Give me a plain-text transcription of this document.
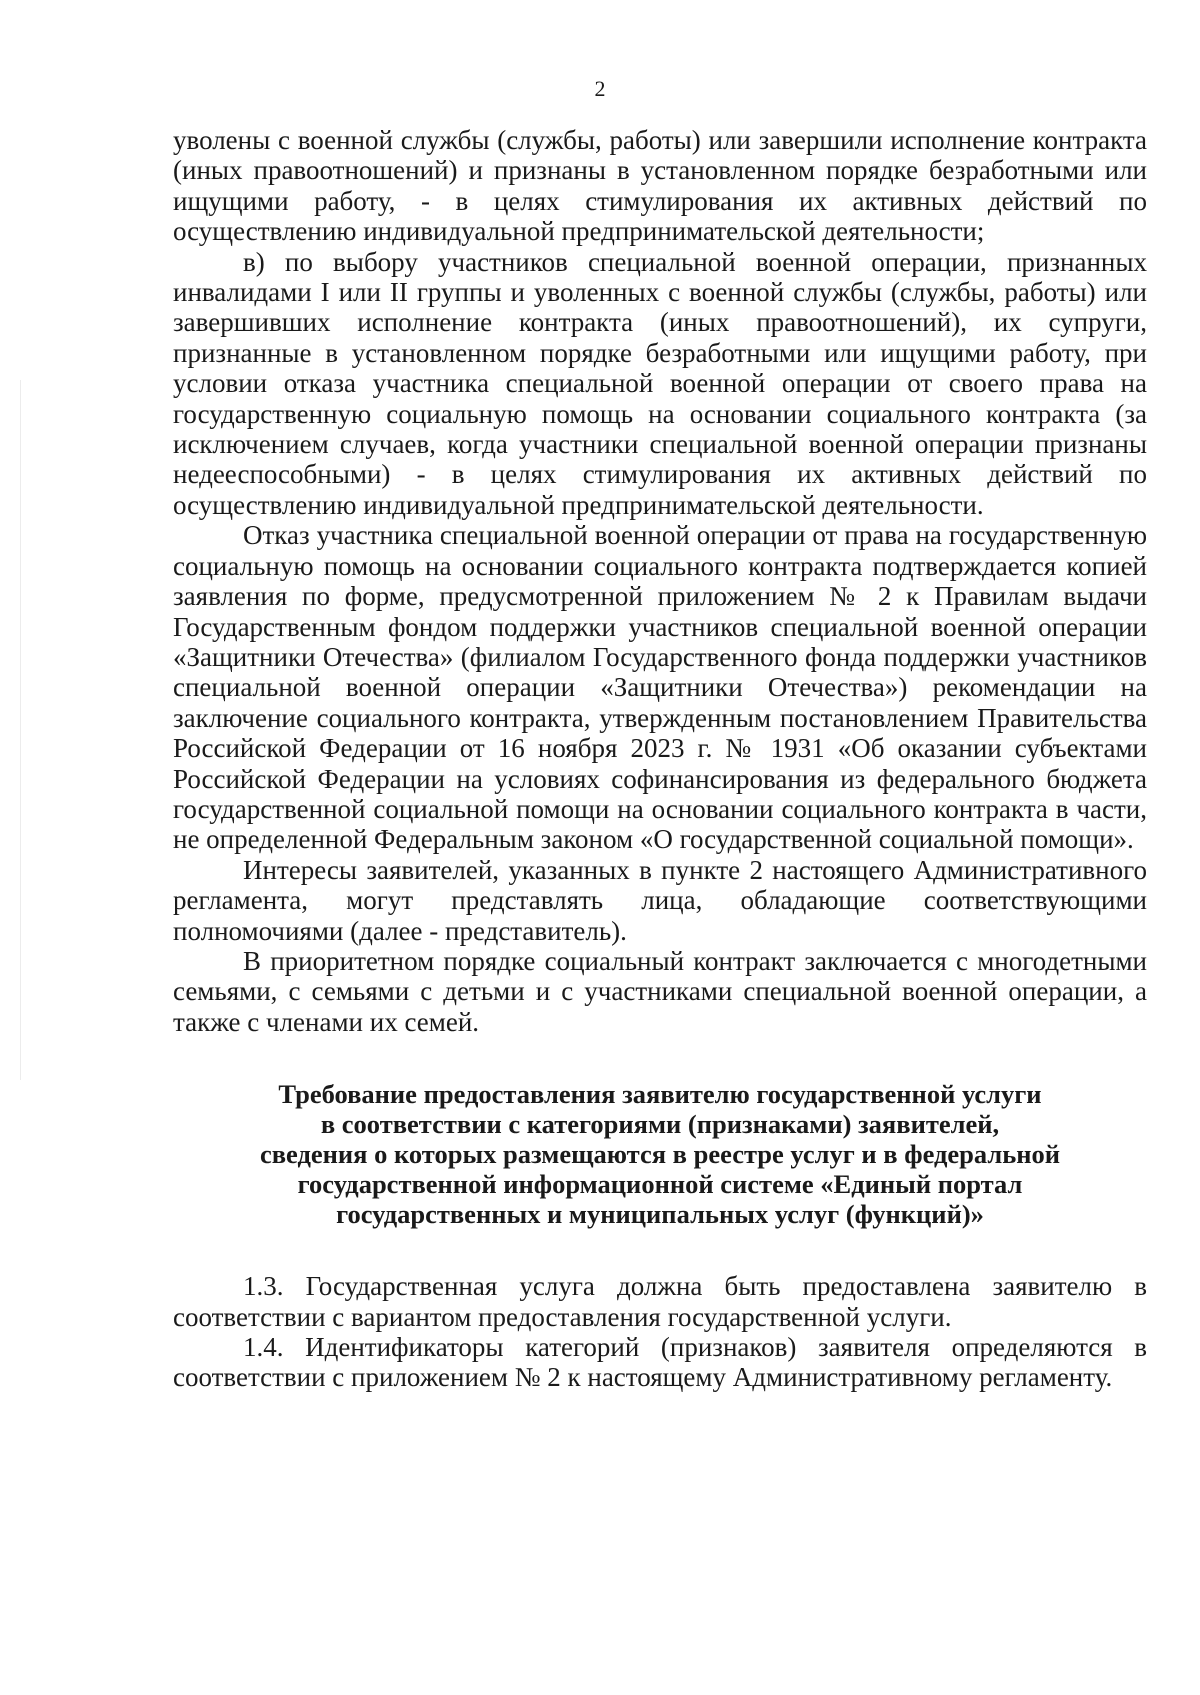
2

уволены с военной службы (службы, работы) или завершили исполнение контракта (иных правоотношений) и признаны в установленном порядке безработными или ищущими работу, - в целях стимулирования их активных действий по осуществлению индивидуальной предпринимательской деятельности;

в) по выбору участников специальной военной операции, признанных инвалидами I или II группы и уволенных с военной службы (службы, работы) или завершивших исполнение контракта (иных правоотношений), их супруги, признанные в установленном порядке безработными или ищущими работу, при условии отказа участника специальной военной операции от своего права на государственную социальную помощь на основании социального контракта (за исключением случаев, когда участники специальной военной операции признаны недееспособными) - в целях стимулирования их активных действий по осуществлению индивидуальной предпринимательской деятельности.

Отказ участника специальной военной операции от права на государственную социальную помощь на основании социального контракта подтверждается копией заявления по форме, предусмотренной приложением № 2 к Правилам выдачи Государственным фондом поддержки участников специальной военной операции «Защитники Отечества» (филиалом Государственного фонда поддержки участников специальной военной операции «Защитники Отечества») рекомендации на заключение социального контракта, утвержденным постановлением Правительства Российской Федерации от 16 ноября 2023 г. № 1931 «Об оказании субъектами Российской Федерации на условиях софинансирования из федерального бюджета государственной социальной помощи на основании социального контракта в части, не определенной Федеральным законом «О государственной социальной помощи».

Интересы заявителей, указанных в пункте 2 настоящего Административного регламента, могут представлять лица, обладающие соответствующими полномочиями (далее - представитель).

В приоритетном порядке социальный контракт заключается с многодетными семьями, с семьями с детьми и с участниками специальной военной операции, а также с членами их семей.

Требование предоставления заявителю государственной услуги
в соответствии с категориями (признаками) заявителей,
сведения о которых размещаются в реестре услуг и в федеральной
государственной информационной системе «Единый портал
государственных и муниципальных услуг (функций)»

1.3. Государственная услуга должна быть предоставлена заявителю в соответствии с вариантом предоставления государственной услуги.

1.4. Идентификаторы категорий (признаков) заявителя определяются в соответствии с приложением № 2 к настоящему Административному регламенту.
